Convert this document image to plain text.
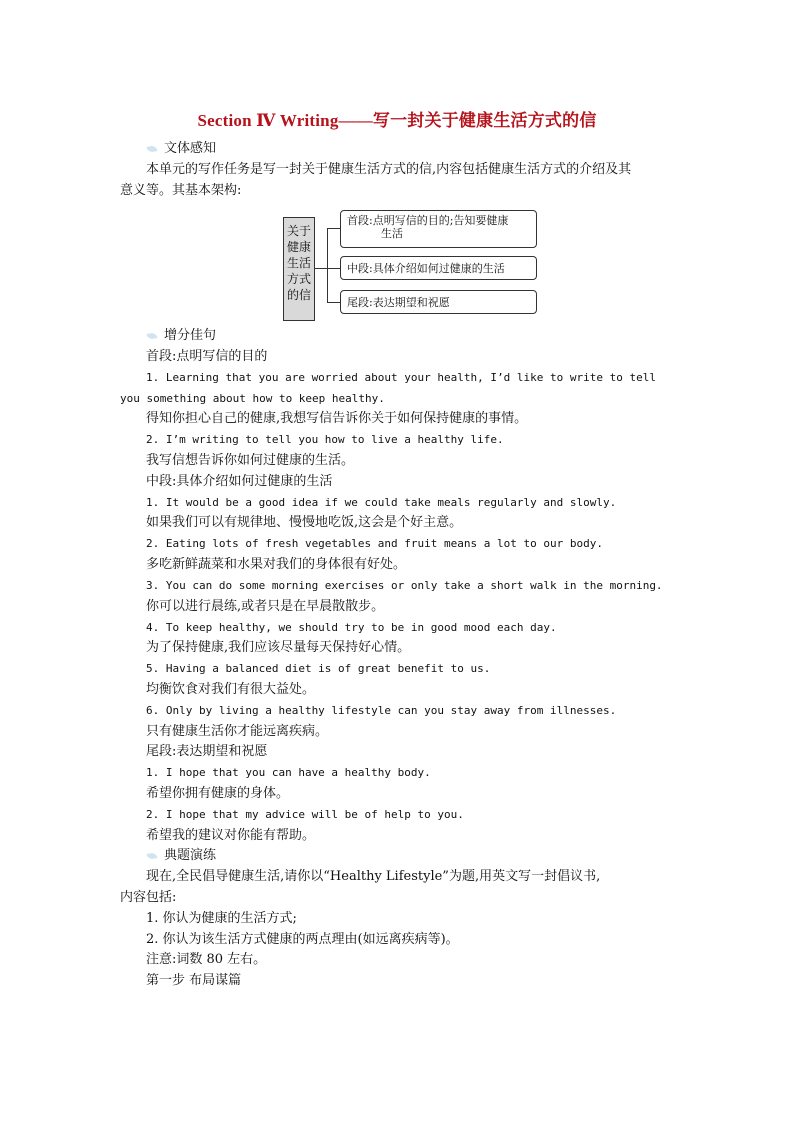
Section Ⅳ Writing——写一封关于健康生活方式的信
文体感知
本单元的写作任务是写一封关于健康生活方式的信,内容包括健康生活方式的介绍及其
意义等。其基本架构:
关于
健康
生活
方式
的信
首段:点明写信的目的;告知要健康
生活
中段:具体介绍如何过健康的生活
尾段:表达期望和祝愿
增分佳句
首段:点明写信的目的
1. Learning that you are worried about your health, I’d like to write to tell
you something about how to keep healthy.
得知你担心自己的健康,我想写信告诉你关于如何保持健康的事情。
2. I’m writing to tell you how to live a healthy life.
我写信想告诉你如何过健康的生活。
中段:具体介绍如何过健康的生活
1. It would be a good idea if we could take meals regularly and slowly.
如果我们可以有规律地、慢慢地吃饭,这会是个好主意。
2. Eating lots of fresh vegetables and fruit means a lot to our body.
多吃新鲜蔬菜和水果对我们的身体很有好处。
3. You can do some morning exercises or only take a short walk in the morning.
你可以进行晨练,或者只是在早晨散散步。
4. To keep healthy, we should try to be in good mood each day.
为了保持健康,我们应该尽量每天保持好心情。
5. Having a balanced diet is of great benefit to us.
均衡饮食对我们有很大益处。
6. Only by living a healthy lifestyle can you stay away from illnesses.
只有健康生活你才能远离疾病。
尾段:表达期望和祝愿
1. I hope that you can have a healthy body.
希望你拥有健康的身体。
2. I hope that my advice will be of help to you.
希望我的建议对你能有帮助。
典题演练
现在,全民倡导健康生活,请你以“Healthy Lifestyle”为题,用英文写一封倡议书,
内容包括:
1. 你认为健康的生活方式;
2. 你认为该生活方式健康的两点理由(如远离疾病等)。
注意:词数 80 左右。
第一步 布局谋篇
